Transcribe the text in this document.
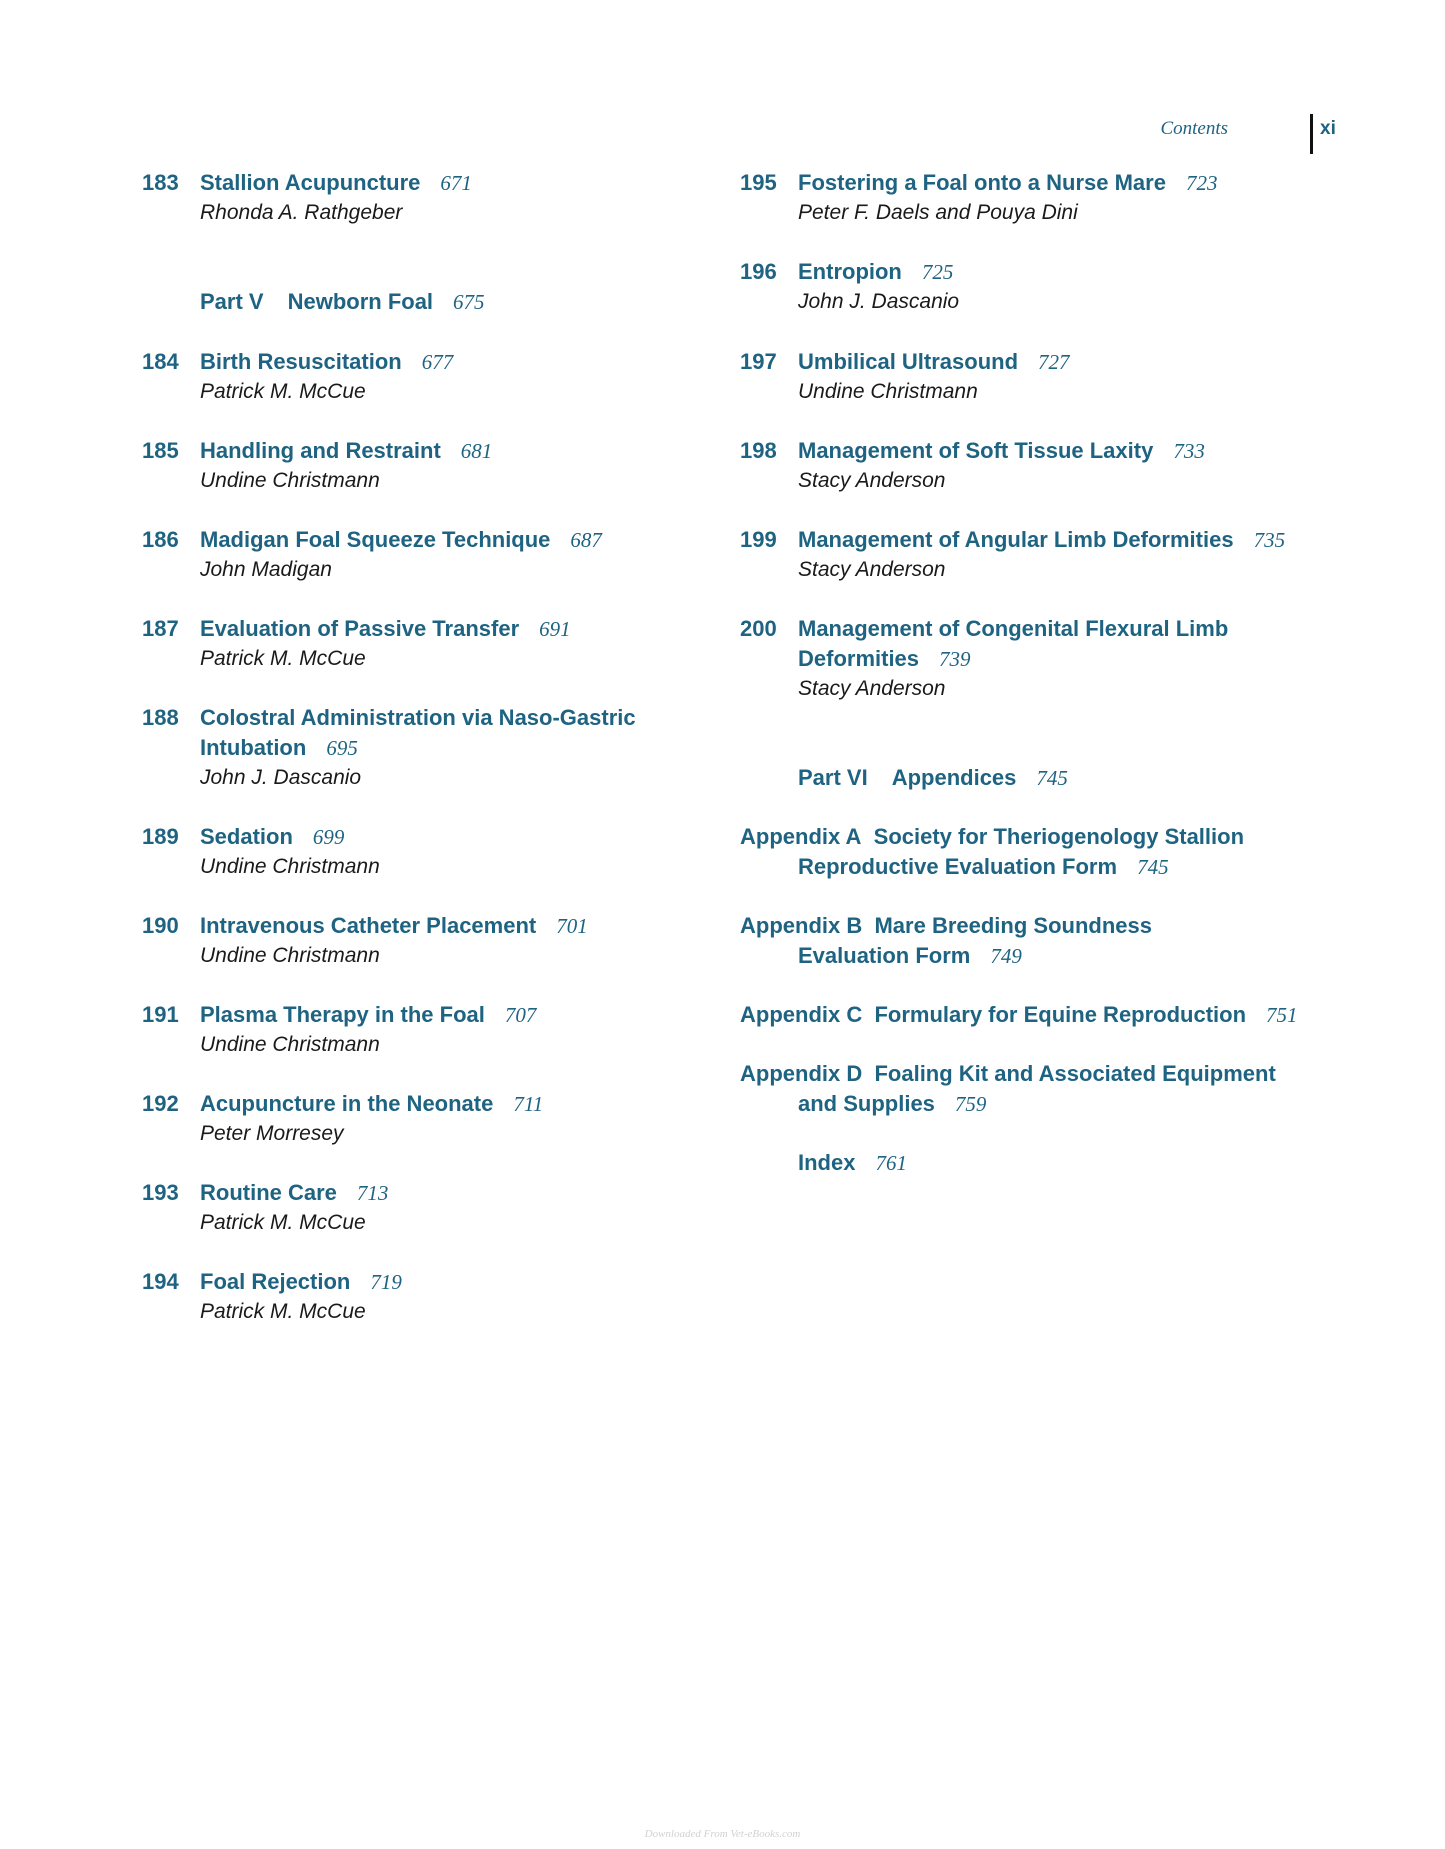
Contents	xi
183 Stallion Acupuncture 671
Rhonda A. Rathgeber
Part V Newborn Foal 675
184 Birth Resuscitation 677
Patrick M. McCue
185 Handling and Restraint 681
Undine Christmann
186 Madigan Foal Squeeze Technique 687
John Madigan
187 Evaluation of Passive Transfer 691
Patrick M. McCue
188 Colostral Administration via Naso-Gastric
Intubation 695
John J. Dascanio
189 Sedation 699
Undine Christmann
190 Intravenous Catheter Placement 701
Undine Christmann
191 Plasma Therapy in the Foal 707
Undine Christmann
192 Acupuncture in the Neonate 711
Peter Morresey
193 Routine Care 713
Patrick M. McCue
194 Foal Rejection 719
Patrick M. McCue
195 Fostering a Foal onto a Nurse Mare 723
Peter F. Daels and Pouya Dini
196 Entropion 725
John J. Dascanio
197 Umbilical Ultrasound 727
Undine Christmann
198 Management of Soft Tissue Laxity 733
Stacy Anderson
199 Management of Angular Limb Deformities 735
Stacy Anderson
200 Management of Congenital Flexural Limb
Deformities 739
Stacy Anderson
Part VI Appendices 745
Appendix A Society for Theriogenology Stallion
Reproductive Evaluation Form 745
Appendix B Mare Breeding Soundness
Evaluation Form 749
Appendix C Formulary for Equine Reproduction 751
Appendix D Foaling Kit and Associated Equipment
and Supplies 759
Index 761
Downloaded From Vet-eBooks.com
